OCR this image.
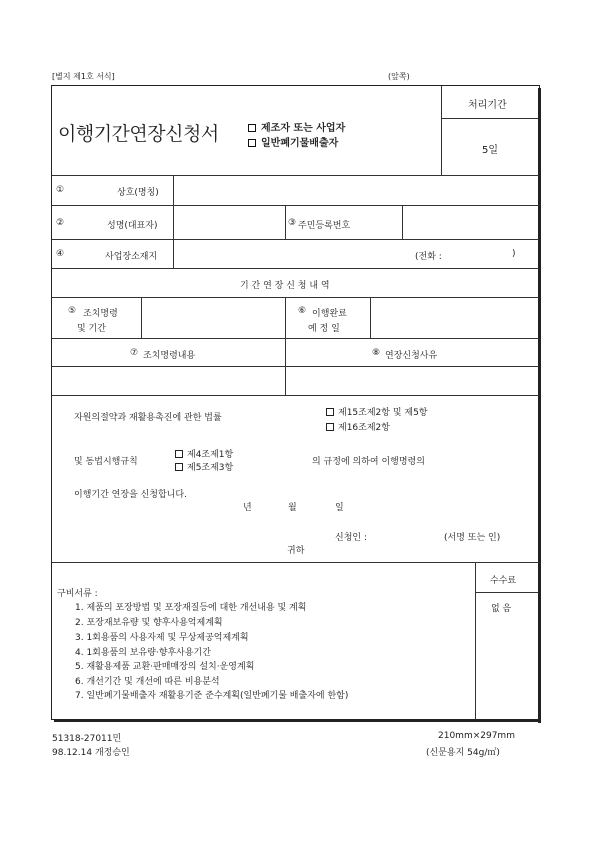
[별지 제1호 서식]	(앞쪽)
이행기간연장신청서	제조자 또는 사업자
일반폐기물배출자
처리기간
5일
①	상호(명칭)
②	성명(대표자)	③ 주민등록번호
④	사업장소재지	(전화 :	)
기 간 연 장 신 청 내 역
⑤ 조치명령
및 기간
⑥ 이행완료
예 정 일
⑦ 조치명령내용	⑧ 연장신청사유
자원의절약과 재활용촉진에 관한 법률	제15조제2항 및 제5항
제16조제2항
및 동법시행규칙
제4조제1항
제5조제3항
의 규정에 의하여 이행명령의
이행기간 연장을 신청합니다.
년	월	일
신청인 :	(서명 또는 인)
귀하
구비서류 :
1. 제품의 포장방법 및 포장재질등에 대한 개선내용 및 계획
2. 포장재보유량 및 향후사용억제계획
3. 1회용품의 사용자제 및 무상제공억제계획
4. 1회용품의 보유량·향후사용기간
5. 재활용제품 교환·판매매장의 설치·운영계획
6. 개선기간 및 개선에 따른 비용분석
7. 일반폐기물배출자 재활용기준 준수계획(일반폐기물 배출자에 한함)
수수료
없 음
51318-27011민
98.12.14 개정승인
210mm×297mm
(신문용지 54g/㎡)
